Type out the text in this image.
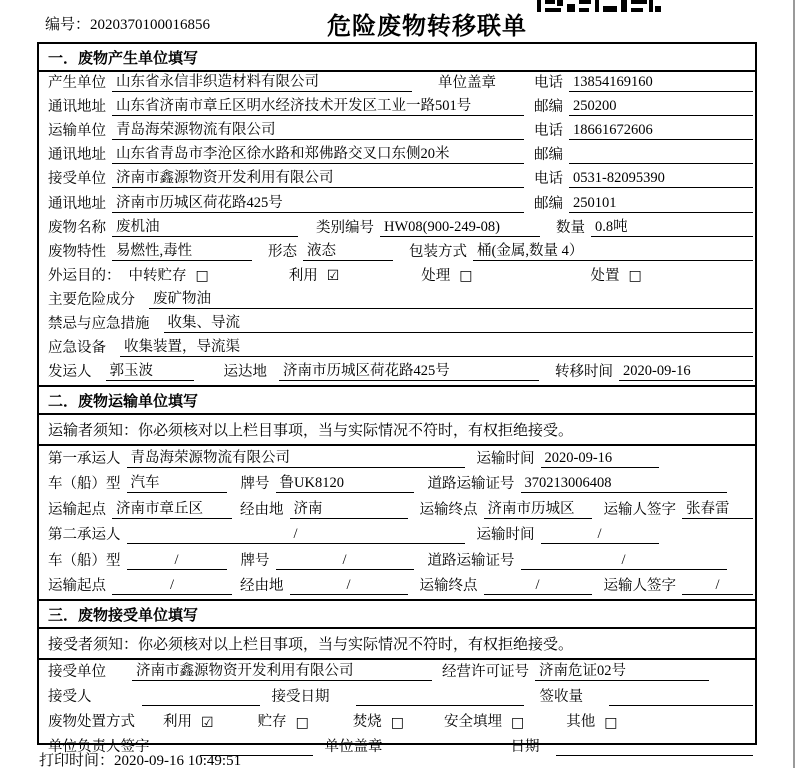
编号：2020370100016856	危险废物转移联单
一．废物产生单位填写
产生单位 山东省永信非织造材料有限公司	单位盖章	电话 13854169160
通讯地址 山东省济南市章丘区明水经济技术开发区工业一路501号	邮编 250200
运输单位 青岛海荣源物流有限公司	电话 18661672606
通讯地址 山东省青岛市李沧区徐水路和郑佛路交叉口东侧20米	邮编
接受单位 济南市鑫源物资开发利用有限公司	电话 0531-82095390
通讯地址 济南市历城区荷花路425号	邮编 250101
废物名称 废机油	类别编号 HW08(900-249-08)	数量 0.8吨
废物特性 易燃性,毒性	形态 液态	包装方式 桶(金属,数量 4）
外运目的： 中转贮存 □	利用 ☑	处理 □	处置 □
主要危险成分 废矿物油
禁忌与应急措施 收集、导流
应急设备 收集装置，导流渠
发运人 郭玉波	运达地 济南市历城区荷花路425号	转移时间 2020-09-16
二．废物运输单位填写
运输者须知：你必须核对以上栏目事项，当与实际情况不符时，有权拒绝接受。
第一承运人 青岛海荣源物流有限公司	运输时间 2020-09-16
车（船）型 汽车	牌号 鲁UK8120	道路运输证号 370213006408
运输起点 济南市章丘区	经由地 济南	运输终点 济南市历城区	运输人签字 张春雷
第二承运人	/	运输时间	/
车（船）型	/	牌号	/	道路运输证号	/
运输起点	/	经由地	/	运输终点	/	运输人签字	/
三．废物接受单位填写
接受者须知：你必须核对以上栏目事项，当与实际情况不符时，有权拒绝接受。
接受单位 济南市鑫源物资开发利用有限公司	经营许可证号 济南危证02号
接受人	接受日期	签收量
废物处置方式 利用 ☑	贮存 □	焚烧 □	安全填埋 □	其他 □
单位负责人签字	单位盖章	日期
打印时间：2020-09-16 10:49:51
